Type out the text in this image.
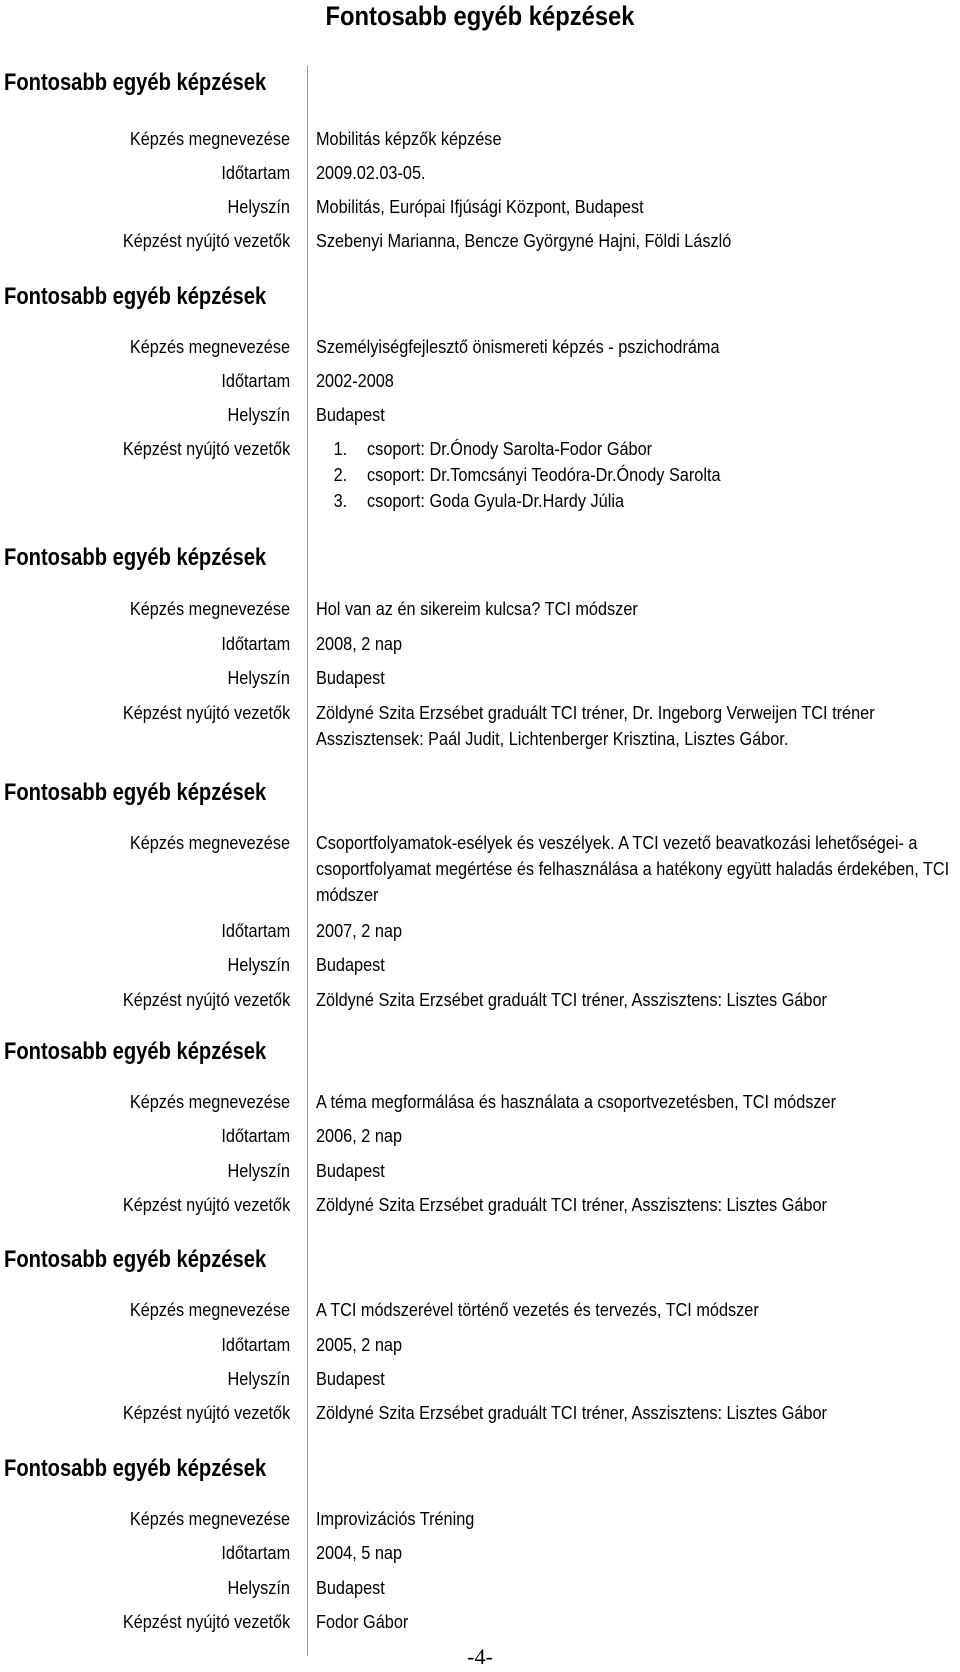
Fontosabb egyéb képzések
Fontosabb egyéb képzések
Képzés megnevezése Mobilitás képzők képzése
Időtartam 2009.02.03-05.
Helyszín Mobilitás, Európai Ifjúsági Központ, Budapest
Képzést nyújtó vezetők Szebenyi Marianna, Bencze Györgyné Hajni, Földi László
Fontosabb egyéb képzések
Képzés megnevezése Személyiségfejlesztő önismereti képzés - pszichodráma
Időtartam 2002-2008
Helyszín Budapest
Képzést nyújtó vezetők	1. csoport: Dr.Ónody Sarolta-Fodor Gábor
2. csoport: Dr.Tomcsányi Teodóra-Dr.Ónody Sarolta
3. csoport: Goda Gyula-Dr.Hardy Júlia
Fontosabb egyéb képzések
Képzés megnevezése Hol van az én sikereim kulcsa? TCI módszer
Időtartam 2008, 2 nap
Helyszín Budapest
Képzést nyújtó vezetők Zöldyné Szita Erzsébet graduált TCI tréner, Dr. Ingeborg Verweijen TCI tréner Asszisztensek: Paál Judit, Lichtenberger Krisztina, Lisztes Gábor.
Fontosabb egyéb képzések
Képzés megnevezése Csoportfolyamatok-esélyek és veszélyek. A TCI vezető beavatkozási lehetőségei- a csoportfolyamat megértése és felhasználása a hatékony együtt haladás érdekében, TCI módszer
Időtartam 2007, 2 nap
Helyszín Budapest
Képzést nyújtó vezetők Zöldyné Szita Erzsébet graduált TCI tréner, Asszisztens: Lisztes Gábor
Fontosabb egyéb képzések
Képzés megnevezése A téma megformálása és használata a csoportvezetésben, TCI módszer
Időtartam 2006, 2 nap
Helyszín Budapest
Képzést nyújtó vezetők Zöldyné Szita Erzsébet graduált TCI tréner, Asszisztens: Lisztes Gábor
Fontosabb egyéb képzések
Képzés megnevezése A TCI módszerével történő vezetés és tervezés, TCI módszer
Időtartam 2005, 2 nap
Helyszín Budapest
Képzést nyújtó vezetők Zöldyné Szita Erzsébet graduált TCI tréner, Asszisztens: Lisztes Gábor
Fontosabb egyéb képzések
Képzés megnevezése Improvizációs Tréning
Időtartam 2004, 5 nap
Helyszín Budapest
Képzést nyújtó vezetők Fodor Gábor
-4-
